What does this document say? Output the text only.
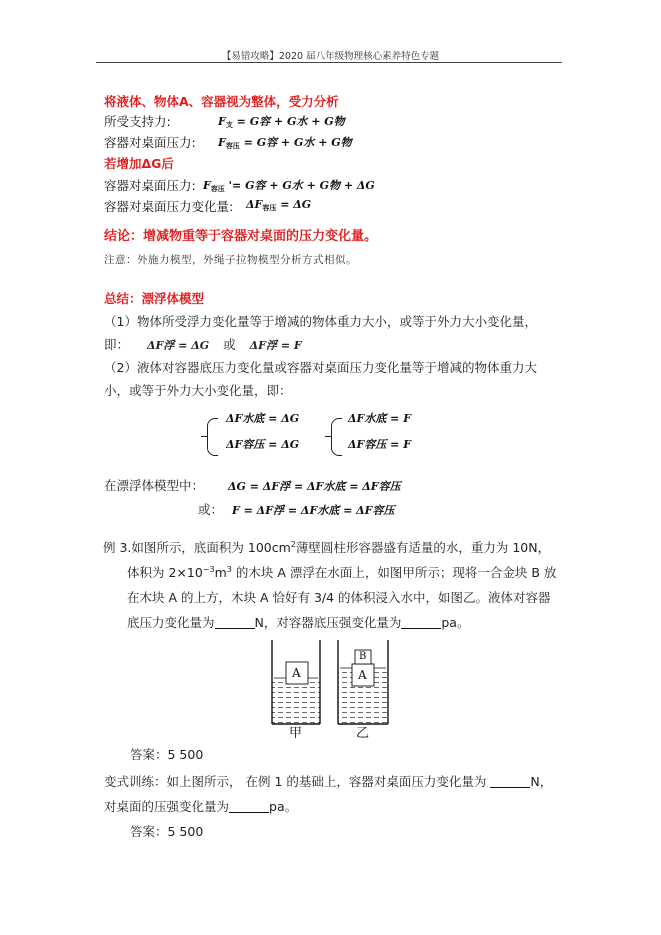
【易错攻略】2020 届八年级物理核心素养特色专题
将液体、物体A、容器视为整体，受力分析
所受支持力:	$F_支 = G$容 + G水 + G物
容器对桌面压力: $F_{容压} = G$容 + G水 + G物
若增加ΔG后
容器对桌面压力: $F_{容压}$ '= G容 + G水 + G物 + ΔG
容器对桌面压力变化量: $\Delta F_{容压} = \Delta G$
结论：增减物重等于容器对桌面的压力变化量。
注意：外施力模型，外绳子拉物模型分析方式相似。
总结：漂浮体模型
（1）物体所受浮力变化量等于增减的物体重力大小，或等于外力大小变化量，
即： ΔF浮 = ΔG 或 ΔF浮 = F
（2）液体对容器底压力变化量或容器对桌面压力变化量等于增减的物体重力大
小，或等于外力大小变化量，即：
ΔF水底 = ΔG
ΔF容压 = ΔG
ΔF水底 = F
ΔF容压 = F
在漂浮体模型中： ΔG = ΔF浮 = ΔF水底 = ΔF容压
或： F = ΔF浮 = ΔF水底 = ΔF容压
例 3.如图所示，底面积为 $100cm^2$薄壁圆柱形容器盛有适量的水，重力为 10N，
体积为 $2\times 10^{-3}m^3$ 的木块 A 漂浮在水面上，如图甲所示；现将一合金块 B 放
在木块 A 的上方，木块 A 恰好有 3/4 的体积浸入水中，如图乙。液体对容器
底压力变化量为	N，对容器底压强变化量为	pa。
A	A
B
甲	乙
答案：5 500
变式训练：如上图所示， 在例 1 的基础上，容器对桌面压力变化量为	N，
对桌面的压强变化量为	pa。
答案：5 500
